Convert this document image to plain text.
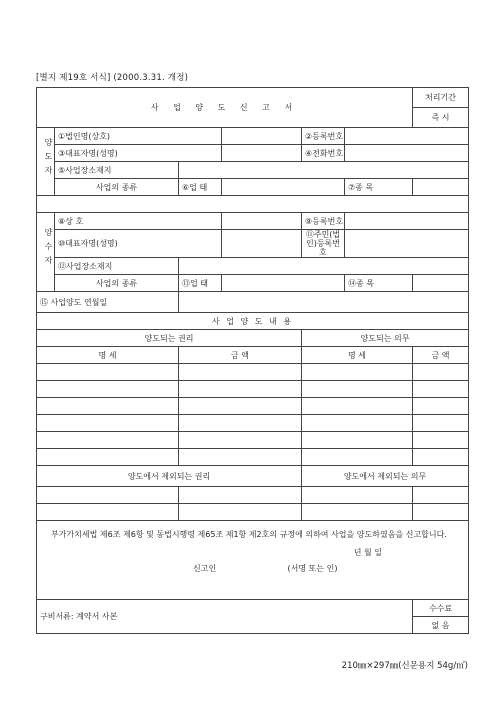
[별지 제19호 서식] (2000.3.31. 개정)
사 업 양 도 신 고 서						처리기간
						즉 시
양도자	①법인명(상호)			②등록번호		
	③대표자명(성명)			④전화번호		
	⑤사업장소재지					
	사업의 종류	⑥업 태			⑦종 목	

양수자	⑧상 호			⑨등록번호		
	⑩대표자명(성명)			⑪주민(법인)등록번호		
	⑫사업장소재지					
	사업의 종류	⑬업 태			⑭종 목	
⑮ 사업양도 연월일						
사 업 양 도 내 용						
양도되는 권리				양도되는 의무		
명 세		금 액		명 세		금 액

양도에서 제외되는 권리				양도에서 제외되는 의무		

부가가치세법 제6조 제6항 및 동법시행령 제65조 제1항 제2호의 규정에 의하여 사업을 양도하였음을 신고합니다.
년 월 일
신고인 (서명 또는 인)						

구비서류: 계약서 사본						수수료
						없 음
210㎜×297㎜(신문용지 54g/㎡)
